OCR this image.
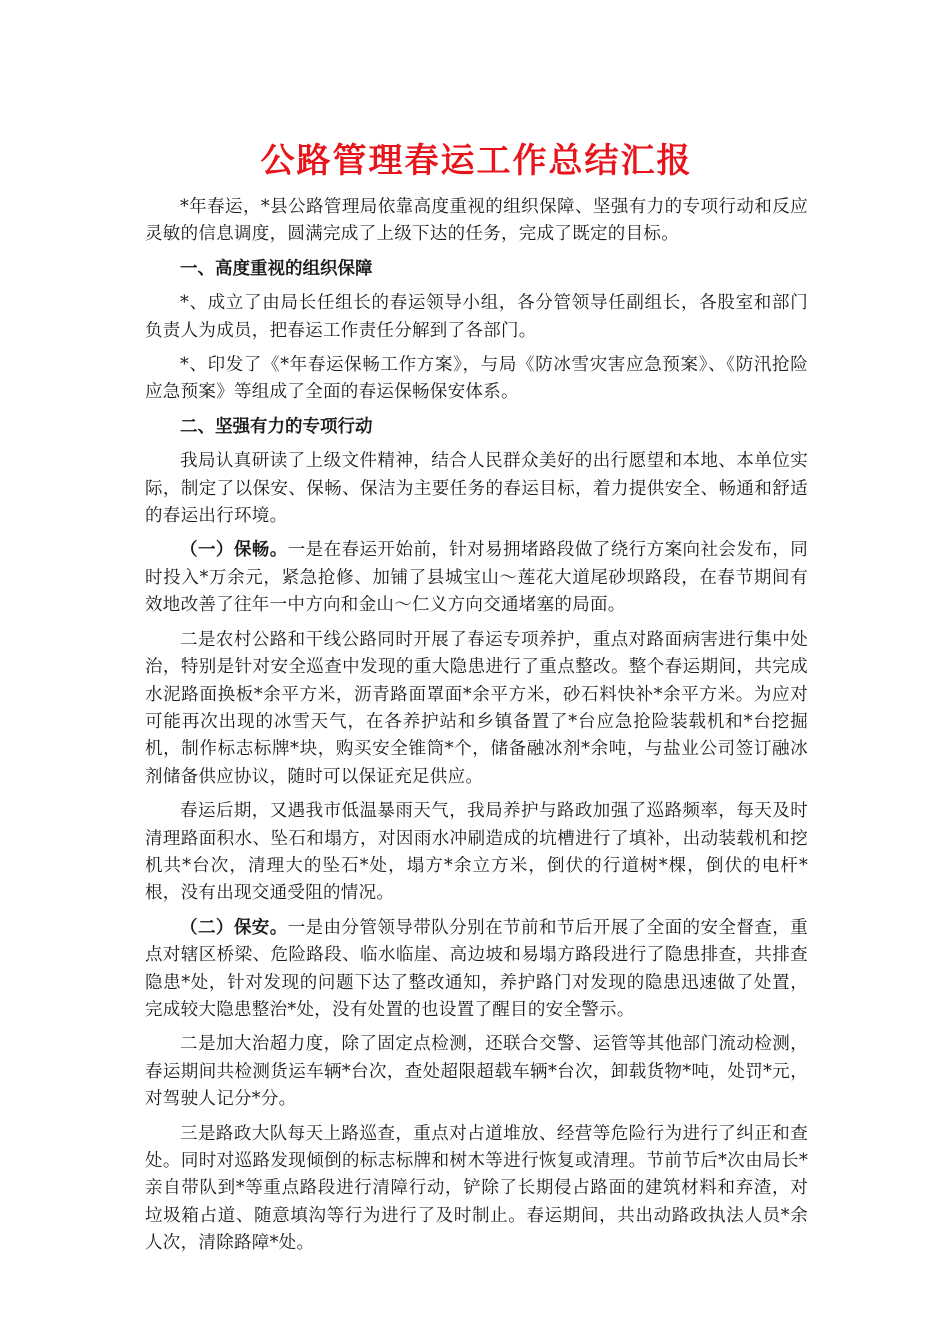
公路管理春运工作总结汇报

*年春运，*县公路管理局依靠高度重视的组织保障、坚强有力的专项行动和反应灵敏的信息调度，圆满完成了上级下达的任务，完成了既定的目标。

一、高度重视的组织保障

*、成立了由局长任组长的春运领导小组，各分管领导任副组长，各股室和部门负责人为成员，把春运工作责任分解到了各部门。

*、印发了《*年春运保畅工作方案》，与局《防冰雪灾害应急预案》、《防汛抢险应急预案》等组成了全面的春运保畅保安体系。

二、坚强有力的专项行动

我局认真研读了上级文件精神，结合人民群众美好的出行愿望和本地、本单位实际，制定了以保安、保畅、保洁为主要任务的春运目标，着力提供安全、畅通和舒适的春运出行环境。

（一）保畅。一是在春运开始前，针对易拥堵路段做了绕行方案向社会发布，同时投入*万余元，紧急抢修、加铺了县城宝山～莲花大道尾砂坝路段，在春节期间有效地改善了往年一中方向和金山～仁义方向交通堵塞的局面。

二是农村公路和干线公路同时开展了春运专项养护，重点对路面病害进行集中处治，特别是针对安全巡查中发现的重大隐患进行了重点整改。整个春运期间，共完成水泥路面换板*余平方米，沥青路面罩面*余平方米，砂石料快补*余平方米。为应对可能再次出现的冰雪天气，在各养护站和乡镇备置了*台应急抢险装载机和*台挖掘机，制作标志标牌*块，购买安全锥筒*个，储备融冰剂*余吨，与盐业公司签订融冰剂储备供应协议，随时可以保证充足供应。

春运后期，又遇我市低温暴雨天气，我局养护与路政加强了巡路频率，每天及时清理路面积水、坠石和塌方，对因雨水冲刷造成的坑槽进行了填补，出动装载机和挖机共*台次，清理大的坠石*处，塌方*余立方米，倒伏的行道树*棵，倒伏的电杆*根，没有出现交通受阻的情况。

（二）保安。一是由分管领导带队分别在节前和节后开展了全面的安全督查，重点对辖区桥梁、危险路段、临水临崖、高边坡和易塌方路段进行了隐患排查，共排查隐患*处，针对发现的问题下达了整改通知，养护路门对发现的隐患迅速做了处置，完成较大隐患整治*处，没有处置的也设置了醒目的安全警示。

二是加大治超力度，除了固定点检测，还联合交警、运管等其他部门流动检测，春运期间共检测货运车辆*台次，查处超限超载车辆*台次，卸载货物*吨，处罚*元，对驾驶人记分*分。

三是路政大队每天上路巡查，重点对占道堆放、经营等危险行为进行了纠正和查处。同时对巡路发现倾倒的标志标牌和树木等进行恢复或清理。节前节后*次由局长*亲自带队到*等重点路段进行清障行动，铲除了长期侵占路面的建筑材料和弃渣，对垃圾箱占道、随意填沟等行为进行了及时制止。春运期间，共出动路政执法人员*余人次，清除路障*处。
